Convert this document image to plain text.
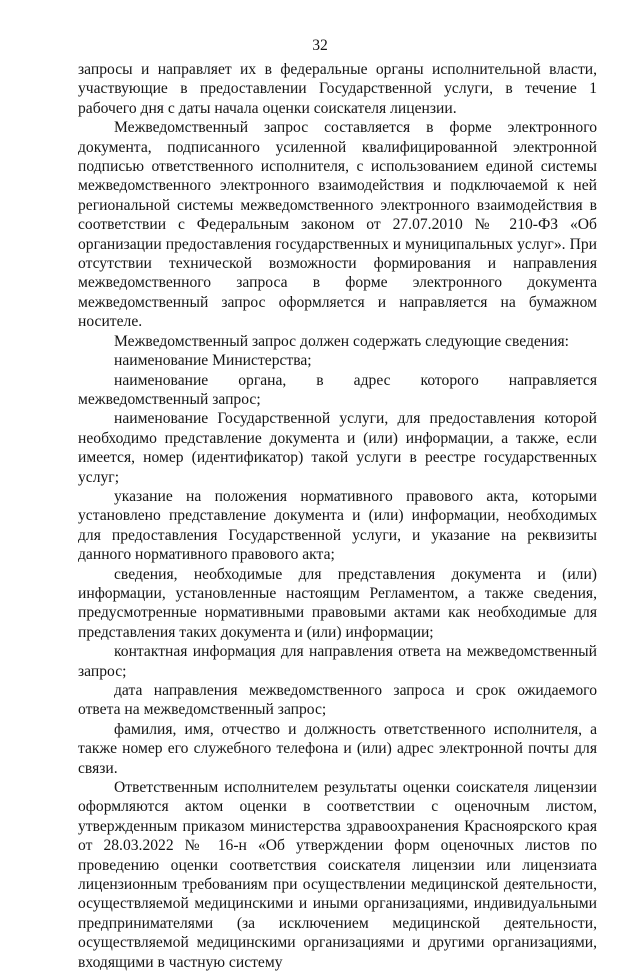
32

запросы и направляет их в федеральные органы исполнительной власти, участвующие в предоставлении Государственной услуги, в течение 1 рабочего дня с даты начала оценки соискателя лицензии.

Межведомственный запрос составляется в форме электронного документа, подписанного усиленной квалифицированной электронной подписью ответственного исполнителя, с использованием единой системы межведомственного электронного взаимодействия и подключаемой к ней региональной системы межведомственного электронного взаимодействия в соответствии с Федеральным законом от 27.07.2010 № 210-ФЗ «Об организации предоставления государственных и муниципальных услуг». При отсутствии технической возможности формирования и направления межведомственного запроса в форме электронного документа межведомственный запрос оформляется и направляется на бумажном носителе.

Межведомственный запрос должен содержать следующие сведения:

наименование Министерства;

наименование органа, в адрес которого направляется межведомственный запрос;

наименование Государственной услуги, для предоставления которой необходимо представление документа и (или) информации, а также, если имеется, номер (идентификатор) такой услуги в реестре государственных услуг;

указание на положения нормативного правового акта, которыми установлено представление документа и (или) информации, необходимых для предоставления Государственной услуги, и указание на реквизиты данного нормативного правового акта;

сведения, необходимые для представления документа и (или) информации, установленные настоящим Регламентом, а также сведения, предусмотренные нормативными правовыми актами как необходимые для представления таких документа и (или) информации;

контактная информация для направления ответа на межведомственный запрос;

дата направления межведомственного запроса и срок ожидаемого ответа на межведомственный запрос;

фамилия, имя, отчество и должность ответственного исполнителя, а также номер его служебного телефона и (или) адрес электронной почты для связи.

Ответственным исполнителем результаты оценки соискателя лицензии оформляются актом оценки в соответствии с оценочным листом, утвержденным приказом министерства здравоохранения Красноярского края от 28.03.2022 № 16-н «Об утверждении форм оценочных листов по проведению оценки соответствия соискателя лицензии или лицензиата лицензионным требованиям при осуществлении медицинской деятельности, осуществляемой медицинскими и иными организациями, индивидуальными предпринимателями (за исключением медицинской деятельности, осуществляемой медицинскими организациями и другими организациями, входящими в частную систему
